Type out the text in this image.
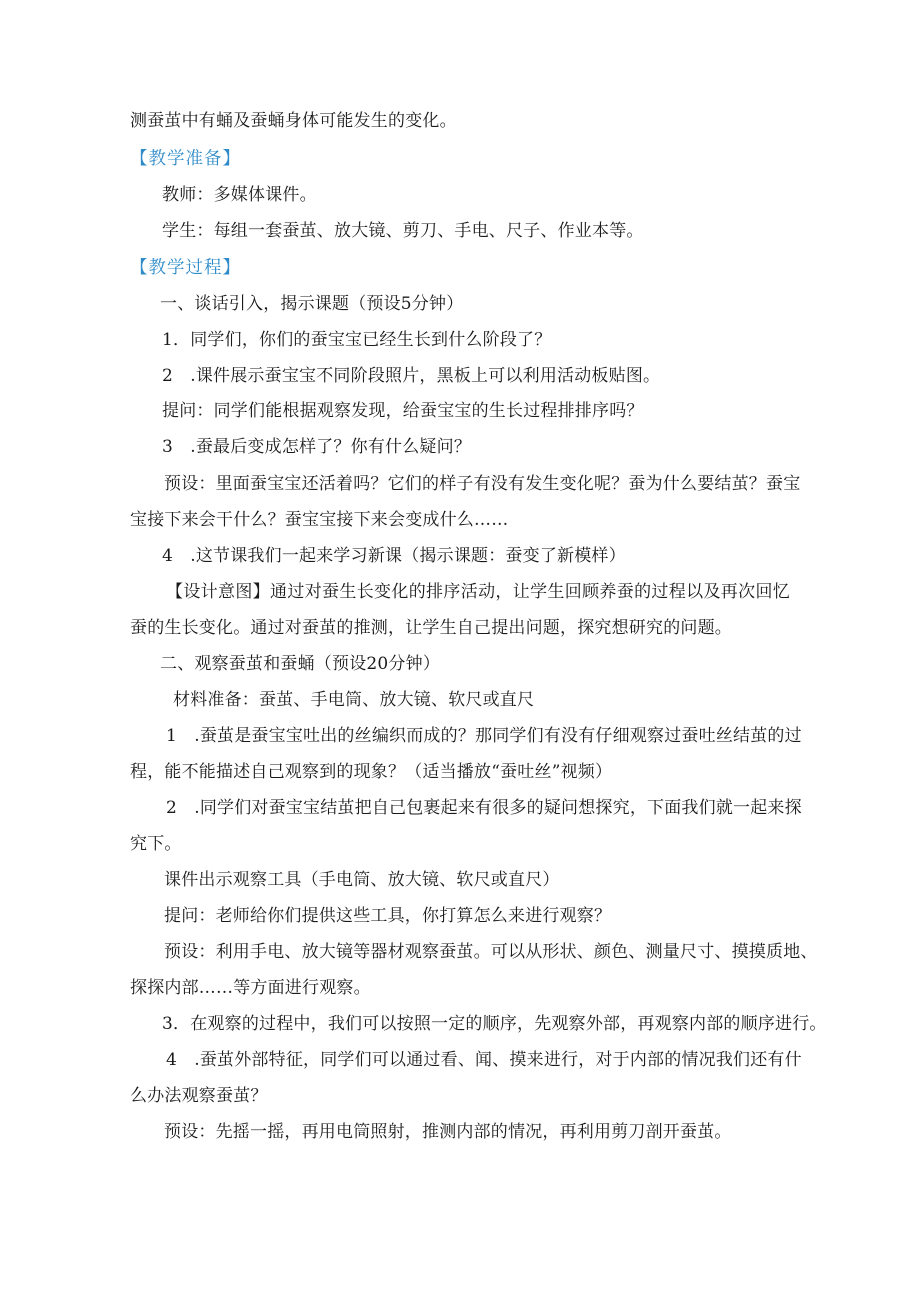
测蚕茧中有蛹及蚕蛹身体可能发生的变化。
【教学准备】
教师：多媒体课件。
学生：每组一套蚕茧、放大镜、剪刀、手电、尺子、作业本等。
【教学过程】
一、谈话引入，揭示课题（预设5分钟）
1．同学们，你们的蚕宝宝已经生长到什么阶段了？
2　.课件展示蚕宝宝不同阶段照片，黑板上可以利用活动板贴图。
提问：同学们能根据观察发现，给蚕宝宝的生长过程排排序吗？
3　.蚕最后变成怎样了？你有什么疑问？
预设：里面蚕宝宝还活着吗？它们的样子有没有发生变化呢？蚕为什么要结茧？蚕宝
宝接下来会干什么？蚕宝宝接下来会变成什么……
4　.这节课我们一起来学习新课（揭示课题：蚕变了新模样）
【设计意图】通过对蚕生长变化的排序活动，让学生回顾养蚕的过程以及再次回忆
蚕的生长变化。通过对蚕茧的推测，让学生自己提出问题，探究想研究的问题。
二、观察蚕茧和蚕蛹（预设20分钟）
材料准备：蚕茧、手电筒、放大镜、软尺或直尺
1　.蚕茧是蚕宝宝吐出的丝编织而成的？那同学们有没有仔细观察过蚕吐丝结茧的过
程，能不能描述自己观察到的现象？（适当播放“蚕吐丝”视频）
2　.同学们对蚕宝宝结茧把自己包裹起来有很多的疑问想探究，下面我们就一起来探
究下。
课件出示观察工具（手电筒、放大镜、软尺或直尺）
提问：老师给你们提供这些工具，你打算怎么来进行观察？
预设：利用手电、放大镜等器材观察蚕茧。可以从形状、颜色、测量尺寸、摸摸质地、
探探内部……等方面进行观察。
3．在观察的过程中，我们可以按照一定的顺序，先观察外部，再观察内部的顺序进行。
4　.蚕茧外部特征，同学们可以通过看、闻、摸来进行，对于内部的情况我们还有什
么办法观察蚕茧？
预设：先摇一摇，再用电筒照射，推测内部的情况，再利用剪刀剖开蚕茧。
